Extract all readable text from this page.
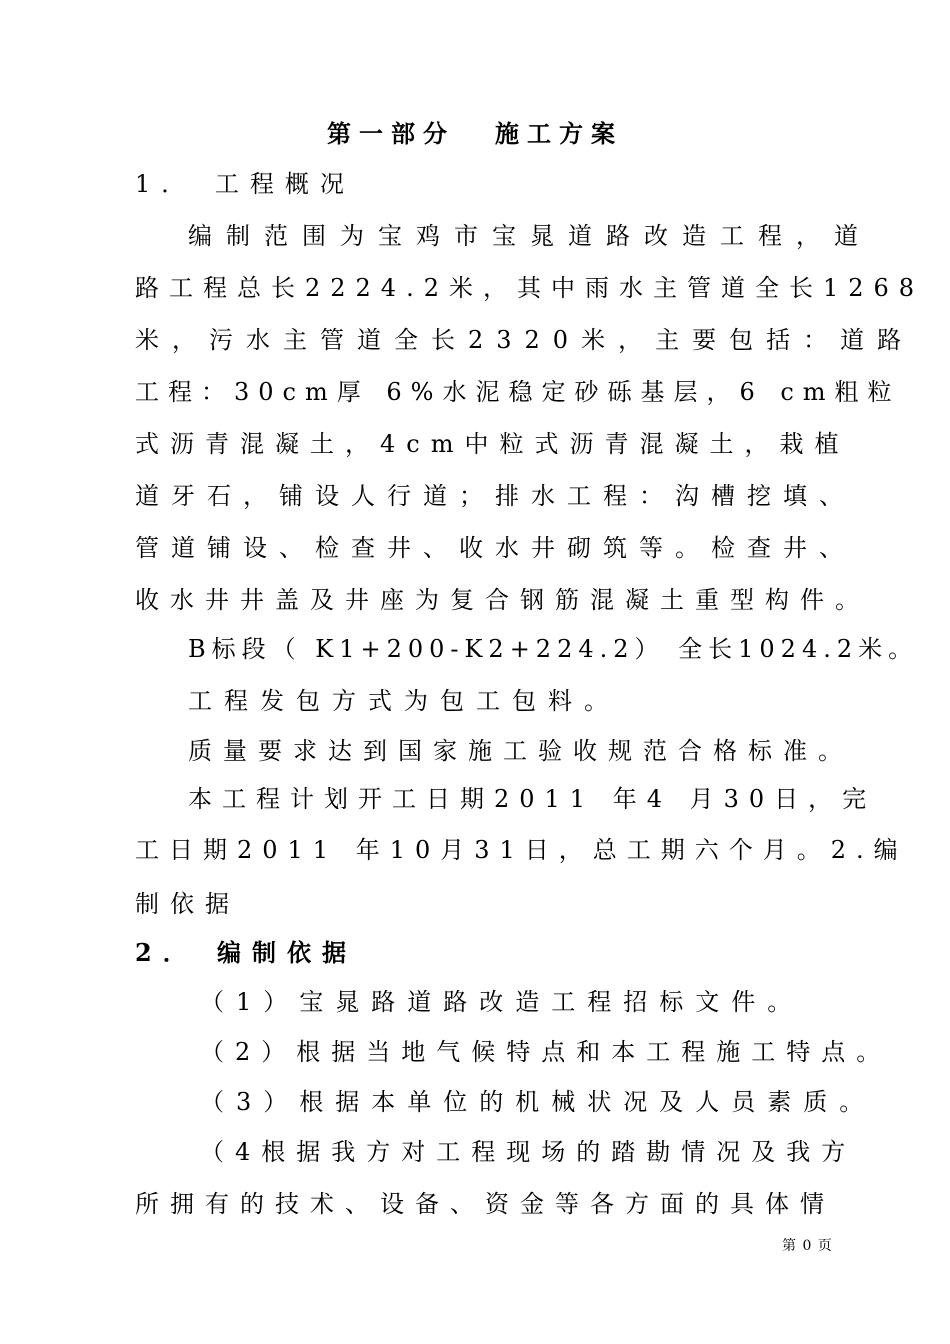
第一部分 施工方案
1． 工程概况
编制范围为宝鸡市宝晁道路改造工程，道
路工程总长2224.2米，其中雨水主管道全长1268
米，污水主管道全长2320米，主要包括：道路
工程：30cm厚 6%水泥稳定砂砾基层，6 cm粗粒
式沥青混凝土，4cm中粒式沥青混凝土，栽植
道牙石，铺设人行道；排水工程：沟槽挖填、
管道铺设、检查井、收水井砌筑等。检查井、
收水井井盖及井座为复合钢筋混凝土重型构件。
B标段（ K1+200-K2+224.2） 全长1024.2米。
工程发包方式为包工包料。
质量要求达到国家施工验收规范合格标准。
本工程计划开工日期2011 年4 月30日，完
工日期2011 年10月31日，总工期六个月。2.编
制依据
2． 编制依据
（1）宝晁路道路改造工程招标文件。
（2）根据当地气候特点和本工程施工特点。
（3）根据本单位的机械状况及人员素质。
（4根据我方对工程现场的踏勘情况及我方
所拥有的技术、设备、资金等各方面的具体情
第 0 页
